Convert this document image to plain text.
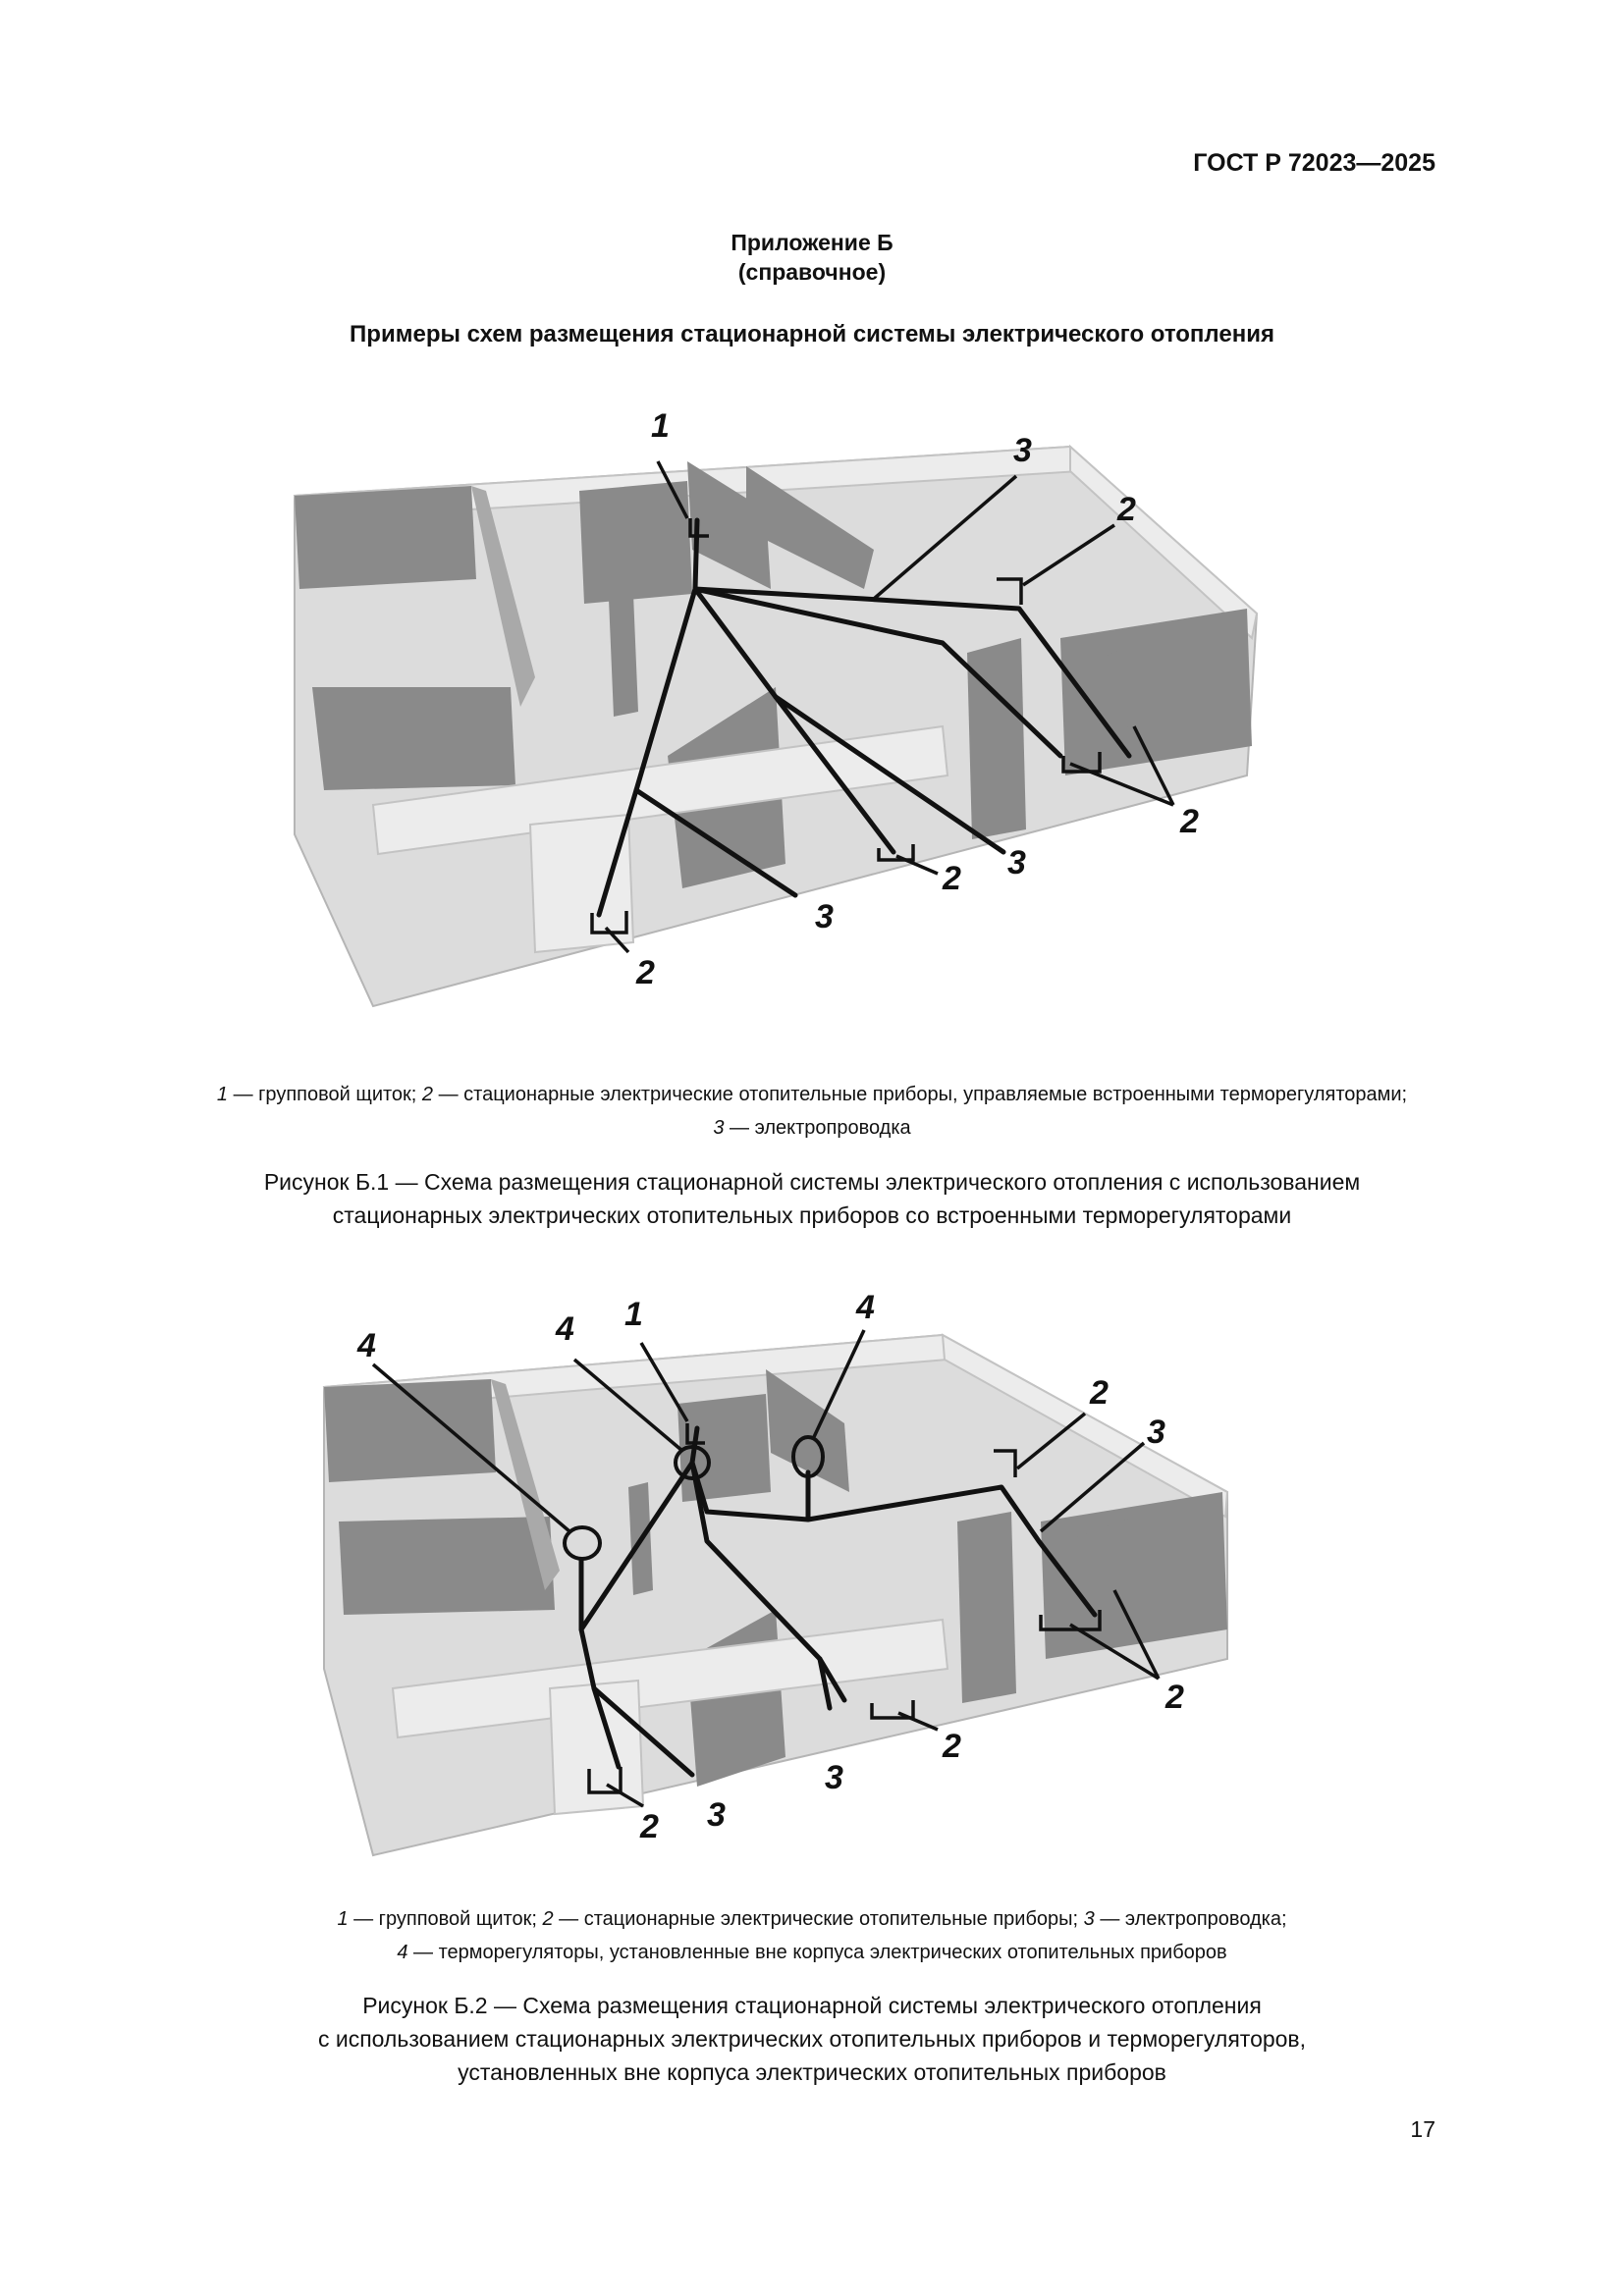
ГОСТ Р 72023—2025
Приложение Б
(справочное)
Примеры схем размещения стационарной системы электрического отопления
1
3
2
2
3
2
3
2
1 — групповой щиток; 2 — стационарные электрические отопительные приборы, управляемые встроенными терморегуляторами;
3 — электропроводка
Рисунок Б.1 — Схема размещения стационарной системы электрического отопления с использованием
стационарных электрических отопительных приборов со встроенными терморегуляторами
4	4 1	4
2
3
2
2
3
3
2
1 — групповой щиток; 2 — стационарные электрические отопительные приборы; 3 — электропроводка;
4 — терморегуляторы, установленные вне корпуса электрических отопительных приборов
Рисунок Б.2 — Схема размещения стационарной системы электрического отопления
с использованием стационарных электрических отопительных приборов и терморегуляторов,
установленных вне корпуса электрических отопительных приборов
17
